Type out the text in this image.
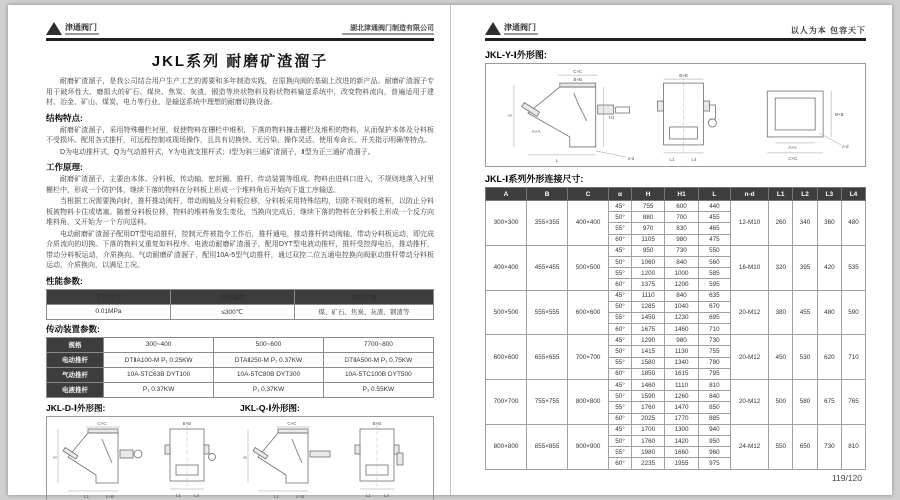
津通阀门	湖北津通阀门制造有限公司
JKL系列 耐磨矿渣溜子

耐磨矿渣溜子，是我公司结合用户生产工艺的需要和多年制造实践，在原换向阀的基础上改进的新产品。耐磨矿渣溜子专用于破坏性大、磨损大的矿石、煤块、焦炭、灰渣、锻造等块状物料及粉状物料输送系统中，改变物料流向，普遍适用于建材、冶金、矿山、煤炭、电力等行业，是输送系统中理想的耐磨切换设备。

结构特点:

耐磨矿渣溜子，采用特殊栅栏衬里，促使物料在栅栏中堆积，下落的物料撞击栅栏及堆积的物料，从而保护本体及分料板不受损坏。配用各式推杆，可远程控制或现场操作，且具有切换快、无污染、操作灵活、使用寿命长、开关指示明确等特点。

D为电动推杆式，Q为气动推杆式，Y为电液支推杆式；Ⅰ型为斜三通矿渣溜子，Ⅱ型为正三通矿渣溜子。

工作原理:

耐磨矿渣溜子，主要由本体、分料板、传动轴、密封圈、推杆、传动装置等组成。物料由进料口进入，不规则地落入衬里栅栏中，形成一个防护体，继续下落的物料在分料板上形成一个堆料角后开始向下道工序输送。

当根据工况需要换向时，推杆推动阀杆，带动阀轴及分料板位移，分料板采用特殊结构，切除不规则的堆积，以防止分料板被物料卡住或堵塞。随着分料板位移，物料的堆料角发生变化，当换向完成后，继续下落的物料在分料板上形成一个反方向堆料角，又开始为一个方向送料。

电动耐磨矿渣溜子配用DT型电动推杆，控制元件被指令工作后，推杆通电，推动推杆转动阀轴，带动分料板运动，即完成介质流向的切换。下落的物料又重复如料程序。电液动耐磨矿渣溜子，配用DYT型电液动推杆，推杆受控得电后，推动推杆，带动分料板运动，介质换向。气动耐磨矿渣溜子，配用10A-5型气动推杆，通过双控二位五通电控换向阀驱动推杆带动分料板运动，介质换向，以满足工况。

性能参数:
工作压力	适用温度	适用介质
0.01MPa	≤300℃	煤、矿石、焦炭、灰渣、钢渣等
传动装置参数:
规格	300~400	500~600	7700~800
电动推杆	DTⅡA100-M P₁ 0.25KW	DTAⅡ250-M P₁ 0.37KW	DTⅡA500-M P₁ 0.75KW
气动推杆	10A-5TC63B DYT100	10A-5TC80B DYT300	10A-5TC100B DYT500
电液推杆	P₁ 0.37KW	P₁ 0.37KW	P₁ 0.55KW
JKL-D-Ⅰ外形图:	JKL-Q-Ⅰ外形图:
C×C
H
L1	L+B
B×B
L1	L4
C×C
H
L1	L+B
B×B
L1	L4
津通阀门	以人为本 包容天下
JKL-Y-Ⅰ外形图:
C×C
B×B
A×A
H	H1
L	n-d
B×B
L1	L4
B×B
A×A
C×C
n-d
JKL-Ⅰ系列外形连接尺寸:
A	B	C	α	H	H1	L	n-d	L1	L2	L3	L4
300×300	355×355	400×400	45°	755	600	440	12-M10	260	340	360	480
			50°	880	700	455					
			55°	970	830	465					
			60°	1105	980	475					
400×400	455×455	500×500	45°	950	730	550	16-M10	320	395	420	535
			50°	1060	840	560					
			55°	1200	1000	585					
			60°	1375	1200	595					
500×500	555×555	600×600	45°	1110	840	635	20-M12	380	455	480	590
			50°	1285	1040	670					
			55°	1450	1230	695					
			60°	1675	1460	710					
600×600	655×655	700×700	45°	1290	980	730	20-M12	450	530	620	710
			50°	1415	1130	755					
			55°	1580	1340	780					
			60°	1850	1615	795					
700×700	755×755	800×800	45°	1460	1110	810	20-M12	500	580	675	765
			50°	1590	1260	840					
			55°	1760	1470	850					
			60°	2025	1770	885					
800×800	855×855	900×900	45°	1700	1300	940	24-M12	550	650	730	810
			50°	1760	1420	950					
			55°	1980	1660	960					
			60°	2235	1955	975					
119/120
